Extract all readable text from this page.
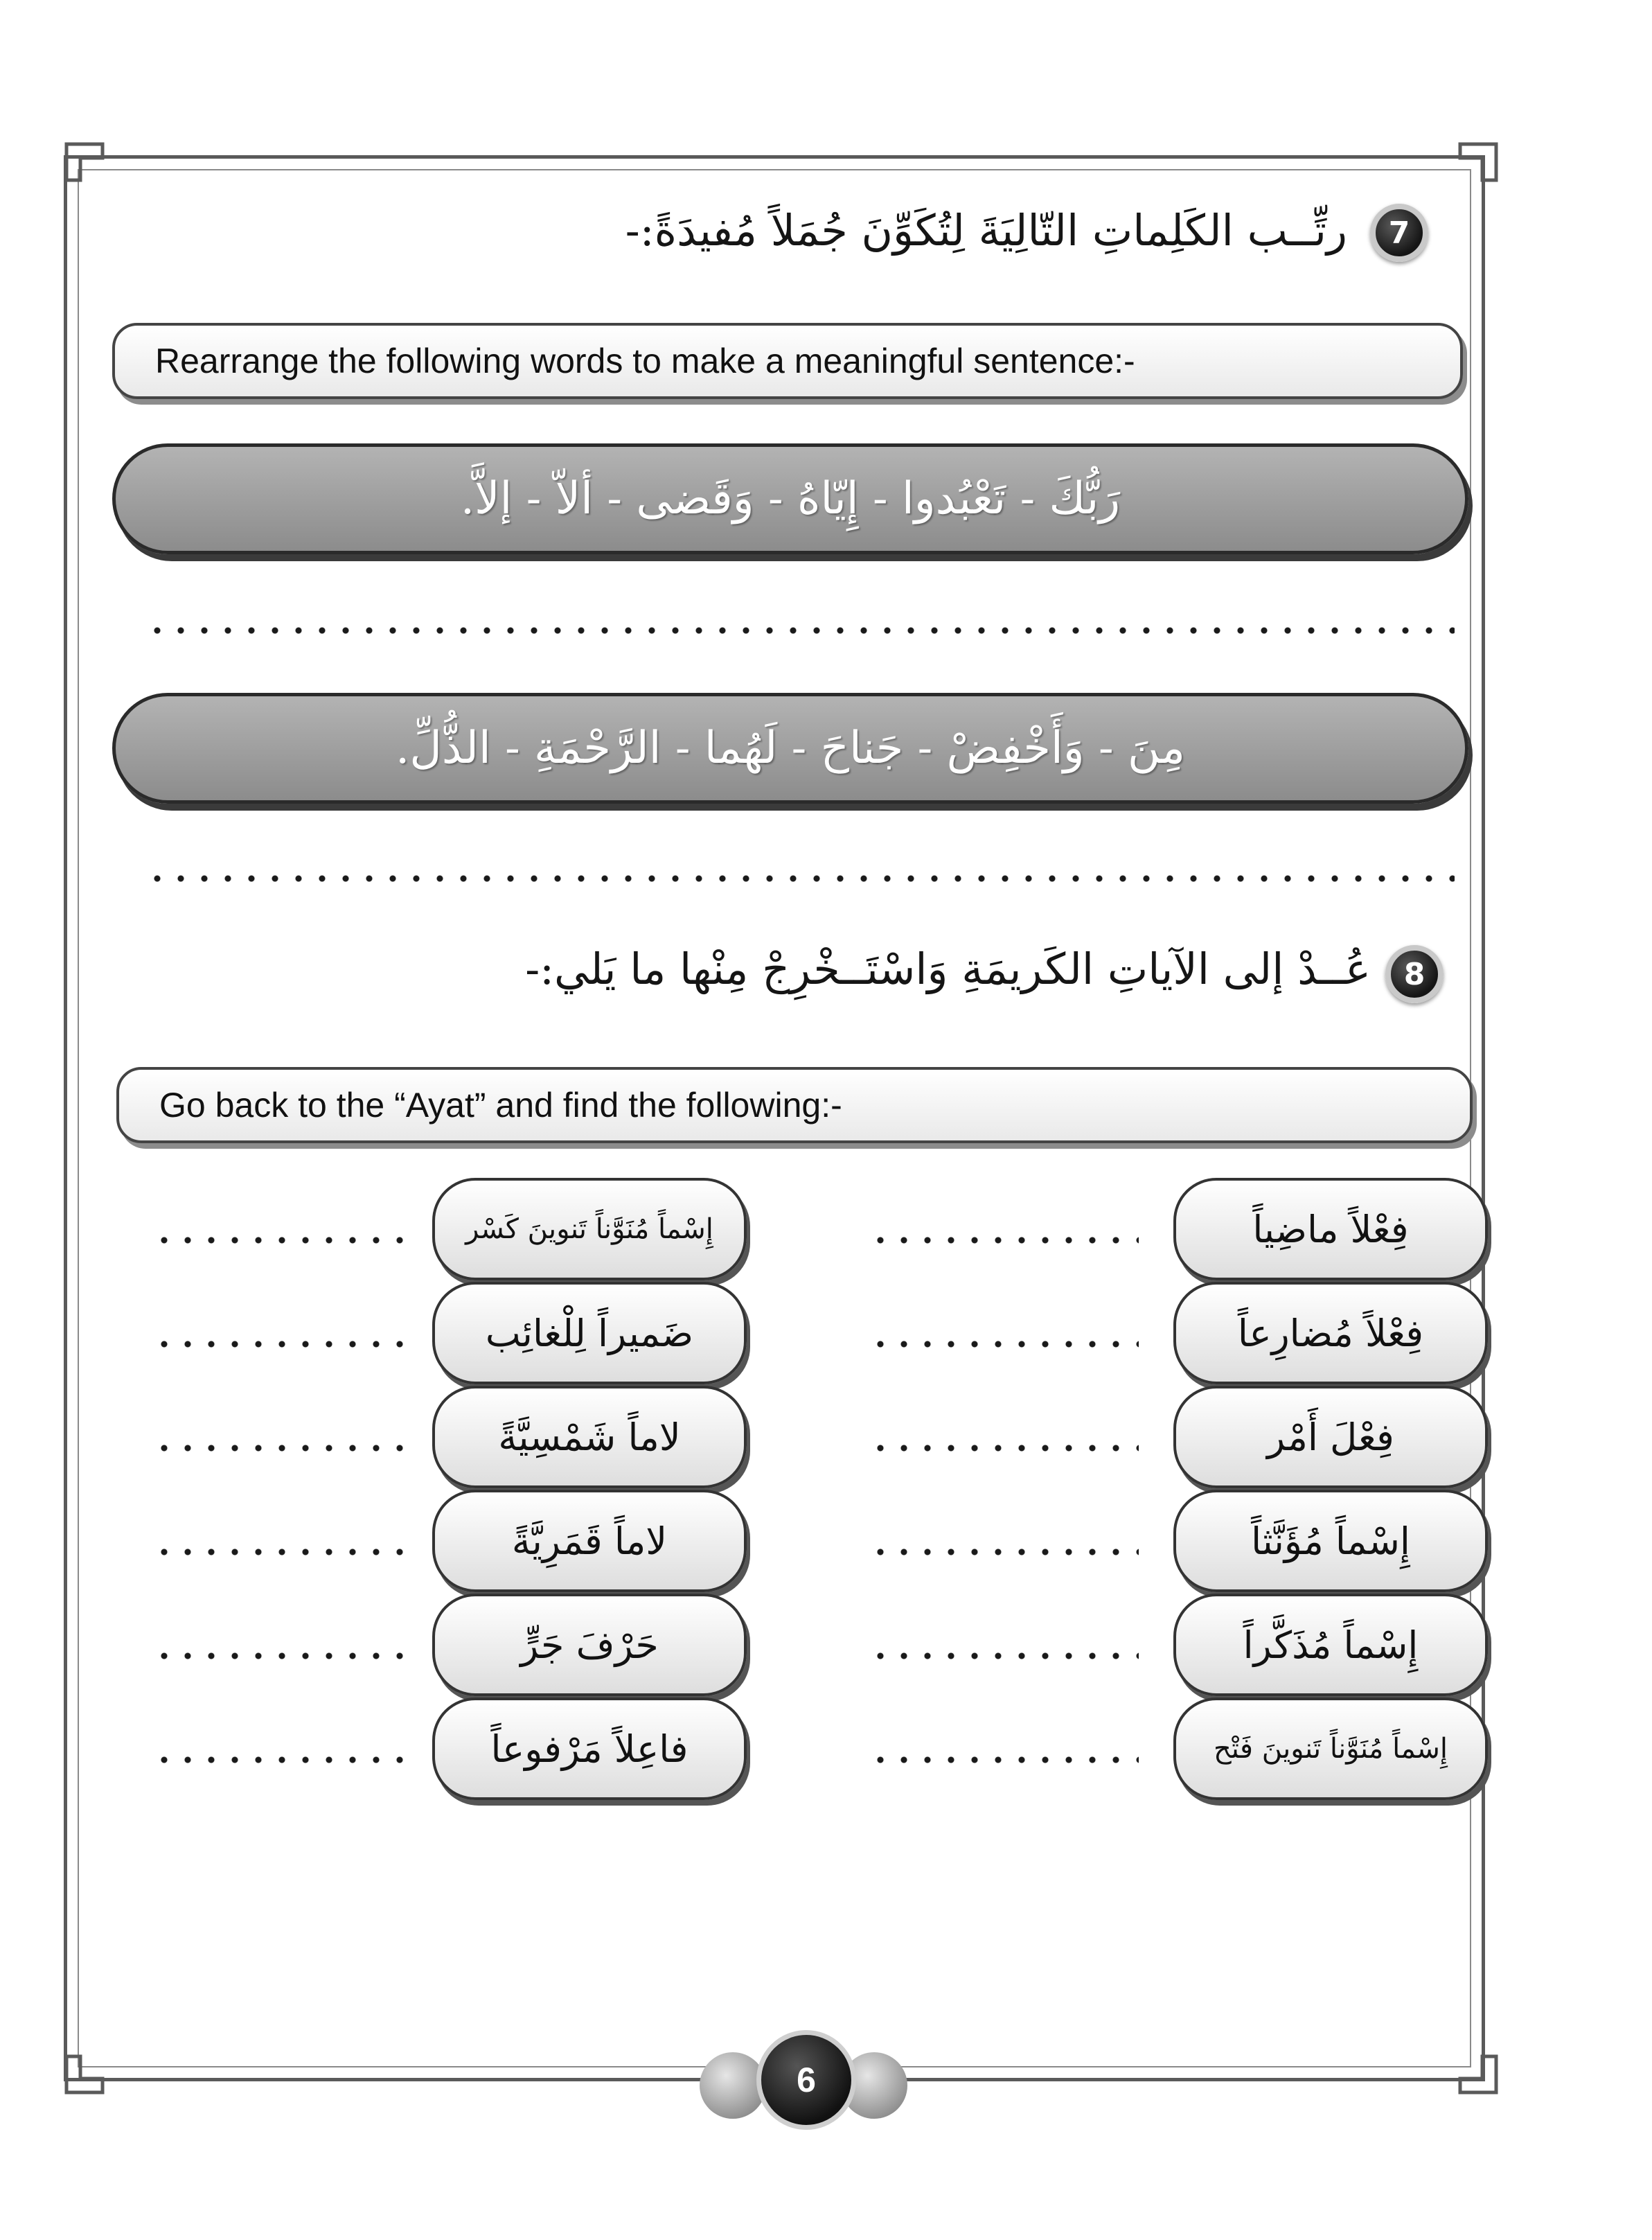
7
رتِّــب الكَلِماتِ التّالِيَةَ لِتُكَوِّنَ جُمَلاً مُفيدَةً:-
Rearrange the following words to make a meaningful sentence:-
رَبُّكَ - تَعْبُدوا - إِيّاهُ - وَقَضى - ألاّ - إلاَّ.
مِنَ - وَأَخْفِضْ - جَناحَ - لَهُما - الرَّحْمَةِ - الذُّلِّ.
8
عُــدْ إلى الآياتِ الكَريمَةِ وَاسْتَــخْرِجْ مِنْها ما يَلي:-
Go back to the “Ayat” and find the following:-
فِعْلاً ماضِياً
فِعْلاً مُضارِعاً
فِعْلَ أَمْر
إِسْماً مُؤَنَّثاً
إِسْماً مُذَكَّراً
إِسْماً مُنَوَّناً تَنوينَ فَتْح
إِسْماً مُنَوَّناً تَنوينَ كَسْر
ضَميراً لِلْغائِب
لاماً شَمْسِيَّةً
لاماً قَمَرِيَّةً
حَرْفَ جَرٍّ
فاعِلاً مَرْفوعاً
6
